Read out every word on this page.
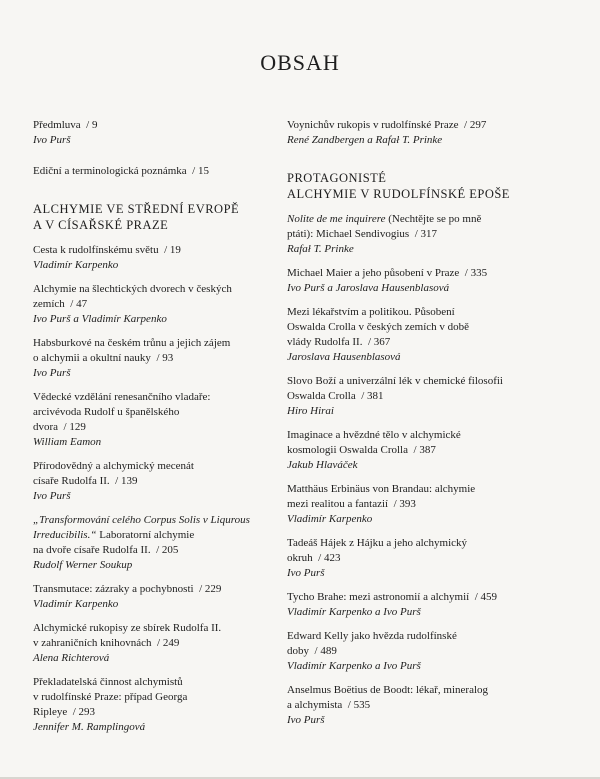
OBSAH
Předmluva  / 9
Ivo Purš
Ediční a terminologická poznámka  / 15
ALCHYMIE VE STŘEDNÍ EVROPĚ
A V CÍSAŘSKÉ PRAZE
Cesta k rudolfínskému světu  / 19
Vladimír Karpenko
Alchymie na šlechtických dvorech v českých
zemích  / 47
Ivo Purš a Vladimír Karpenko
Habsburkové na českém trůnu a jejich zájem
o alchymii a okultní nauky  / 93
Ivo Purš
Vědecké vzdělání renesančního vladaře:
arcivévoda Rudolf u španělského
dvora  / 129
William Eamon
Přírodovědný a alchymický mecenát
císaře Rudolfa II.  / 139
Ivo Purš
„Transformování celého Corpus Solis v Liqurous
Irreducibilis.“ Laboratorní alchymie
na dvoře císaře Rudolfa II.  / 205
Rudolf Werner Soukup
Transmutace: zázraky a pochybnosti  / 229
Vladimír Karpenko
Alchymické rukopisy ze sbírek Rudolfa II.
v zahraničních knihovnách  / 249
Alena Richterová
Překladatelská činnost alchymistů
v rudolfínské Praze: případ Georga
Ripleye  / 293
Jennifer M. Ramplingová
Voynichův rukopis v rudolfínské Praze  / 297
René Zandbergen a Rafał T. Prinke
PROTAGONISTÉ
ALCHYMIE V RUDOLFÍNSKÉ EPOŠE
Nolite de me inquirere (Nechtějte se po mně
ptáti): Michael Sendivogius  / 317
Rafał T. Prinke
Michael Maier a jeho působení v Praze  / 335
Ivo Purš a Jaroslava Hausenblasová
Mezi lékařstvím a politikou. Působení
Oswalda Crolla v českých zemích v době
vlády Rudolfa II.  / 367
Jaroslava Hausenblasová
Slovo Boží a univerzální lék v chemické filosofii
Oswalda Crolla  / 381
Hiro Hirai
Imaginace a hvězdné tělo v alchymické
kosmologii Oswalda Crolla  / 387
Jakub Hlaváček
Matthäus Erbinäus von Brandau: alchymie
mezi realitou a fantazií  / 393
Vladimír Karpenko
Tadeáš Hájek z Hájku a jeho alchymický
okruh  / 423
Ivo Purš
Tycho Brahe: mezi astronomií a alchymií  / 459
Vladimír Karpenko a Ivo Purš
Edward Kelly jako hvězda rudolfínské
doby  / 489
Vladimír Karpenko a Ivo Purš
Anselmus Boëtius de Boodt: lékař, mineralog
a alchymista  / 535
Ivo Purš
